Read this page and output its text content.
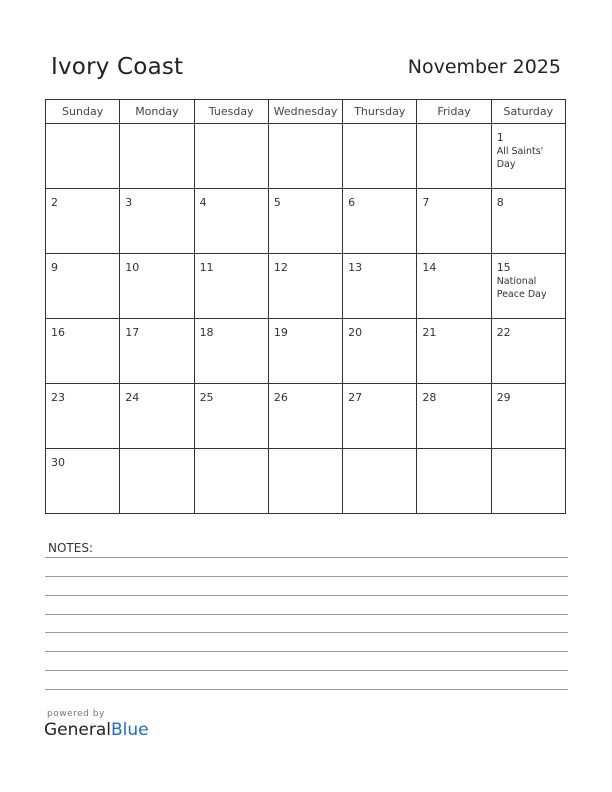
Ivory Coast	November 2025
Sunday	Monday	Tuesday	Wednesday	Thursday	Friday	Saturday

						1
All Saints' Day

2	3	4	5	6	7	8

9	10	11	12	13	14	15
National Peace Day

16	17	18	19	20	21	22

23	24	25	26	27	28	29

30						

NOTES:
powered by
GeneralBlue
